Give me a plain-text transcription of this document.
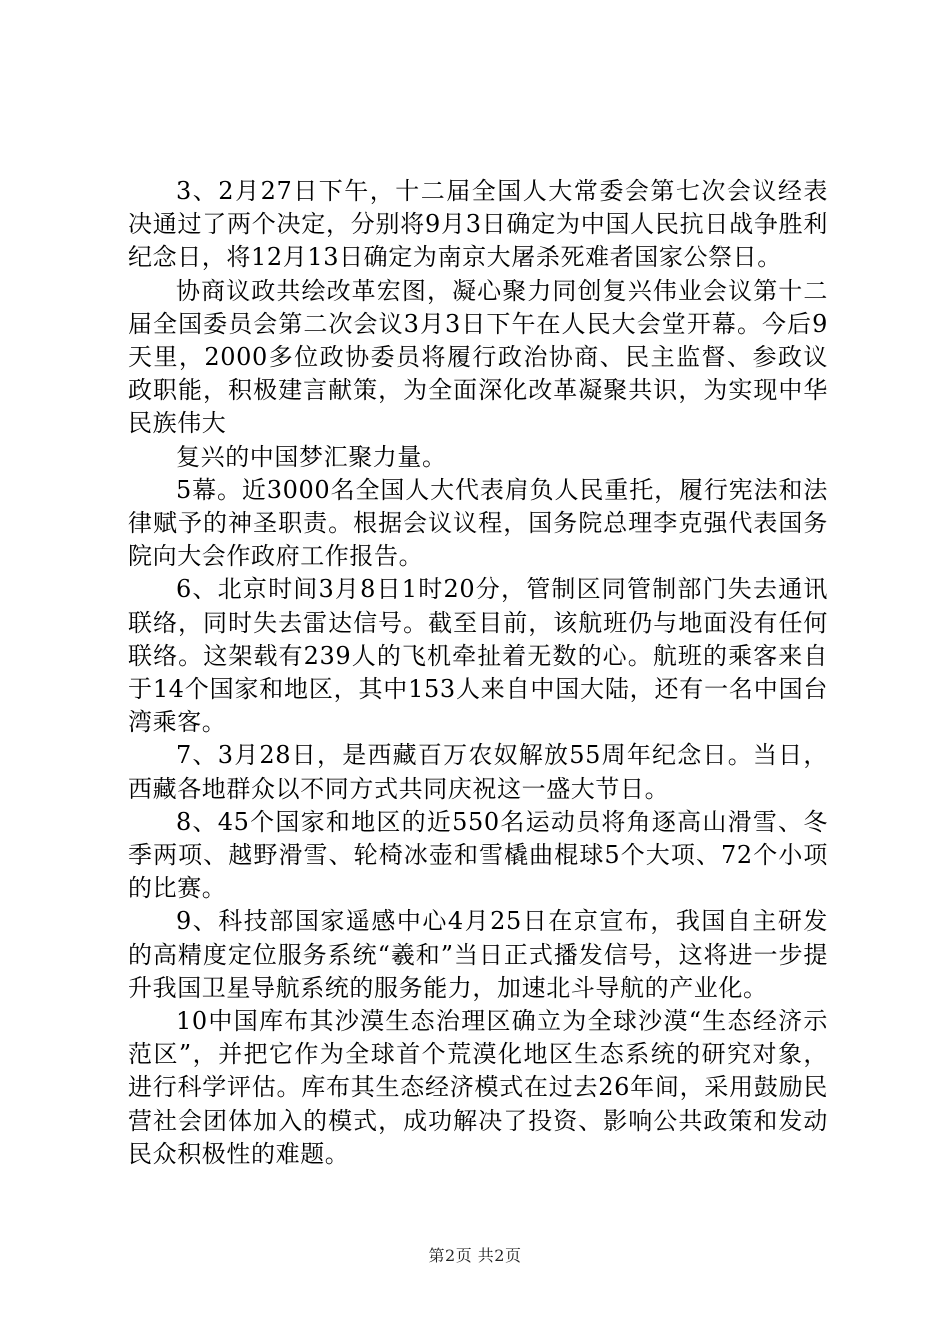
3、2月27日下午，十二届全国人大常委会第七次会议经表决通过了两个决定，分别将9月3日确定为中国人民抗日战争胜利纪念日，将12月13日确定为南京大屠杀死难者国家公祭日。

协商议政共绘改革宏图，凝心聚力同创复兴伟业会议第十二届全国委员会第二次会议3月3日下午在人民大会堂开幕。今后9天里，2000多位政协委员将履行政治协商、民主监督、参政议政职能，积极建言献策，为全面深化改革凝聚共识，为实现中华民族伟大

复兴的中国梦汇聚力量。

5幕。近3000名全国人大代表肩负人民重托，履行宪法和法律赋予的神圣职责。根据会议议程，国务院总理李克强代表国务院向大会作政府工作报告。

6、北京时间3月8日1时20分，管制区同管制部门失去通讯联络，同时失去雷达信号。截至目前，该航班仍与地面没有任何联络。这架载有239人的飞机牵扯着无数的心。航班的乘客来自于14个国家和地区，其中153人来自中国大陆，还有一名中国台湾乘客。

7、3月28日，是西藏百万农奴解放55周年纪念日。当日，西藏各地群众以不同方式共同庆祝这一盛大节日。

8、45个国家和地区的近550名运动员将角逐高山滑雪、冬季两项、越野滑雪、轮椅冰壶和雪橇曲棍球5个大项、72个小项的比赛。

9、科技部国家遥感中心4月25日在京宣布，我国自主研发的高精度定位服务系统“羲和”当日正式播发信号，这将进一步提升我国卫星导航系统的服务能力，加速北斗导航的产业化。

10中国库布其沙漠生态治理区确立为全球沙漠“生态经济示范区”，并把它作为全球首个荒漠化地区生态系统的研究对象，进行科学评估。库布其生态经济模式在过去26年间，采用鼓励民营社会团体加入的模式，成功解决了投资、影响公共政策和发动民众积极性的难题。

第2页 共2页
